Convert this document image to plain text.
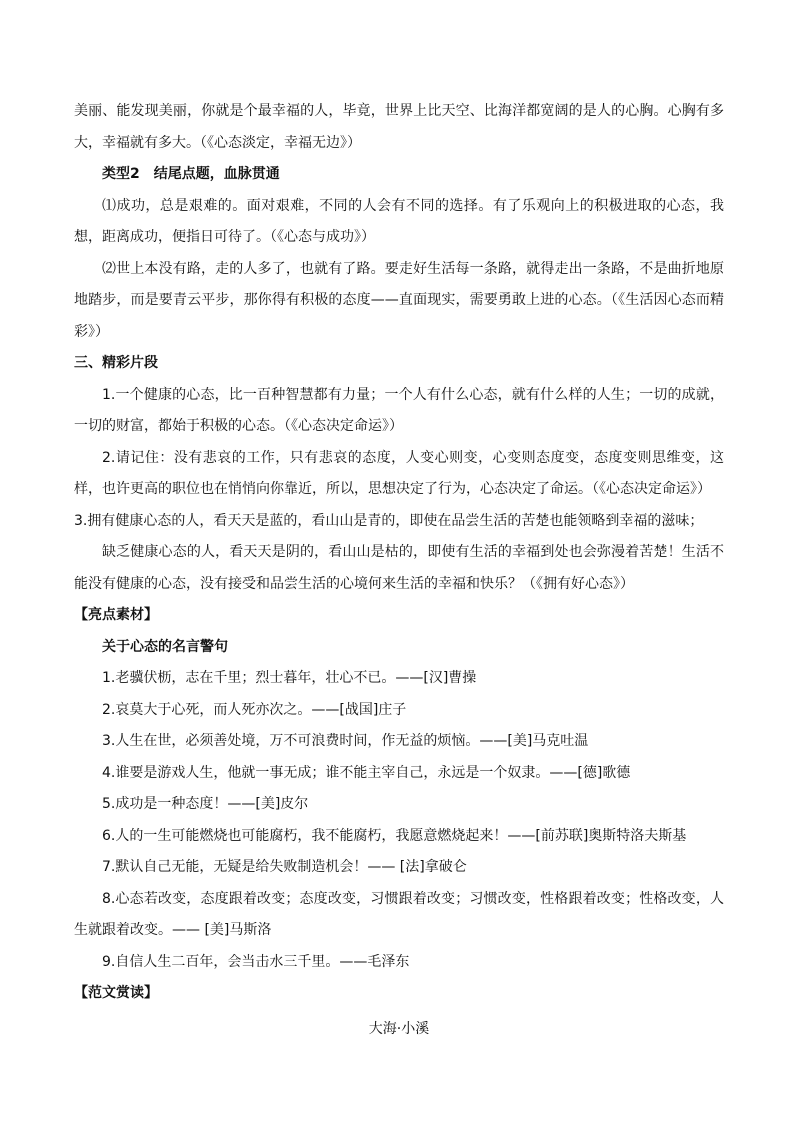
美丽、能发现美丽，你就是个最幸福的人，毕竟，世界上比天空、比海洋都宽阔的是人的心胸。心胸有多大，幸福就有多大。（《心态淡定，幸福无边》）

类型2　结尾点题，血脉贯通

⑴成功，总是艰难的。面对艰难，不同的人会有不同的选择。有了乐观向上的积极进取的心态，我想，距离成功，便指日可待了。（《心态与成功》）

⑵世上本没有路，走的人多了，也就有了路。要走好生活每一条路，就得走出一条路，不是曲折地原地踏步，而是要青云平步，那你得有积极的态度——直面现实，需要勇敢上进的心态。（《生活因心态而精彩》）

三、精彩片段

1.一个健康的心态，比一百种智慧都有力量；一个人有什么心态，就有什么样的人生；一切的成就，一切的财富，都始于积极的心态。（《心态决定命运》）

2.请记住：没有悲哀的工作，只有悲哀的态度，人变心则变，心变则态度变，态度变则思维变，这样，也许更高的职位也在悄悄向你靠近，所以，思想决定了行为，心态决定了命运。（《心态决定命运》）

3.拥有健康心态的人，看天天是蓝的，看山山是青的，即使在品尝生活的苦楚也能领略到幸福的滋味；

缺乏健康心态的人，看天天是阴的，看山山是枯的，即使有生活的幸福到处也会弥漫着苦楚！生活不能没有健康的心态，没有接受和品尝生活的心境何来生活的幸福和快乐？（《拥有好心态》）

【亮点素材】

关于心态的名言警句

1.老骥伏枥，志在千里；烈士暮年，壮心不已。——[汉]曹操

2.哀莫大于心死，而人死亦次之。——[战国]庄子

3.人生在世，必须善处境，万不可浪费时间，作无益的烦恼。——[美]马克吐温

4.谁要是游戏人生，他就一事无成；谁不能主宰自己，永远是一个奴隶。——[德]歌德

5.成功是一种态度！——[美]皮尔

6.人的一生可能燃烧也可能腐朽，我不能腐朽，我愿意燃烧起来！——[前苏联]奥斯特洛夫斯基

7.默认自己无能，无疑是给失败制造机会！—— [法]拿破仑

8.心态若改变，态度跟着改变；态度改变，习惯跟着改变；习惯改变，性格跟着改变；性格改变，人生就跟着改变。—— [美]马斯洛

9.自信人生二百年，会当击水三千里。——毛泽东

【范文赏读】

大海·小溪
